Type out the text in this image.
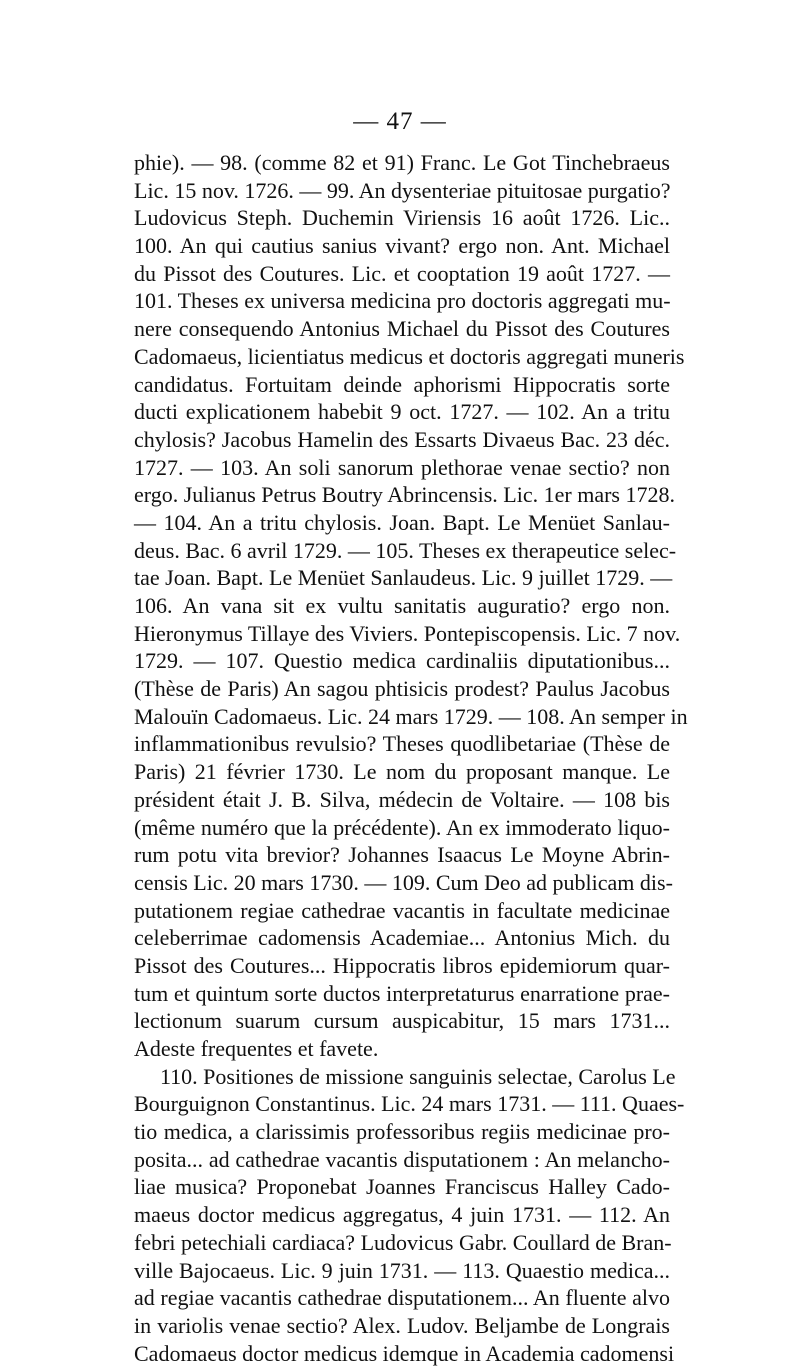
— 47 —
phie). — 98. (comme 82 et 91) Franc. Le Got Tinchebraeus
Lic. 15 nov. 1726. — 99. An dysenteriae pituitosae purgatio?
Ludovicus Steph. Duchemin Viriensis 16 août 1726. Lic..
100. An qui cautius sanius vivant? ergo non. Ant. Michael
du Pissot des Coutures. Lic. et cooptation 19 août 1727. —
101. Theses ex universa medicina pro doctoris aggregati mu-
nere consequendo Antonius Michael du Pissot des Coutures
Cadomaeus, licientiatus medicus et doctoris aggregati muneris
candidatus. Fortuitam deinde aphorismi Hippocratis sorte
ducti explicationem habebit 9 oct. 1727. — 102. An a tritu
chylosis? Jacobus Hamelin des Essarts Divaeus Bac. 23 déc.
1727. — 103. An soli sanorum plethorae venae sectio? non
ergo. Julianus Petrus Boutry Abrincensis. Lic. 1er mars 1728.
— 104. An a tritu chylosis. Joan. Bapt. Le Menüet Sanlau-
deus. Bac. 6 avril 1729. — 105. Theses ex therapeutice selec-
tae Joan. Bapt. Le Menüet Sanlaudeus. Lic. 9 juillet 1729. —
106. An vana sit ex vultu sanitatis auguratio? ergo non.
Hieronymus Tillaye des Viviers. Pontepiscopensis. Lic. 7 nov.
1729. — 107. Questio medica cardinaliis diputationibus...
(Thèse de Paris) An sagou phtisicis prodest? Paulus Jacobus
Malouïn Cadomaeus. Lic. 24 mars 1729. — 108. An semper in
inflammationibus revulsio? Theses quodlibetariae (Thèse de
Paris) 21 février 1730. Le nom du proposant manque. Le
président était J. B. Silva, médecin de Voltaire. — 108 bis
(même numéro que la précédente). An ex immoderato liquo-
rum potu vita brevior? Johannes Isaacus Le Moyne Abrin-
censis Lic. 20 mars 1730. — 109. Cum Deo ad publicam dis-
putationem regiae cathedrae vacantis in facultate medicinae
celeberrimae cadomensis Academiae... Antonius Mich. du
Pissot des Coutures... Hippocratis libros epidemiorum quar-
tum et quintum sorte ductos interpretaturus enarratione prae-
lectionum suarum cursum auspicabitur, 15 mars 1731...
Adeste frequentes et favete.
110. Positiones de missione sanguinis selectae, Carolus Le
Bourguignon Constantinus. Lic. 24 mars 1731. — 111. Quaes-
tio medica, a clarissimis professoribus regiis medicinae pro-
posita... ad cathedrae vacantis disputationem : An melancho-
liae musica? Proponebat Joannes Franciscus Halley Cado-
maeus doctor medicus aggregatus, 4 juin 1731. — 112. An
febri petechiali cardiaca? Ludovicus Gabr. Coullard de Bran-
ville Bajocaeus. Lic. 9 juin 1731. — 113. Quaestio medica...
ad regiae vacantis cathedrae disputationem... An fluente alvo
in variolis venae sectio? Alex. Ludov. Beljambe de Longrais
Cadomaeus doctor medicus idemque in Academia cadomensi
